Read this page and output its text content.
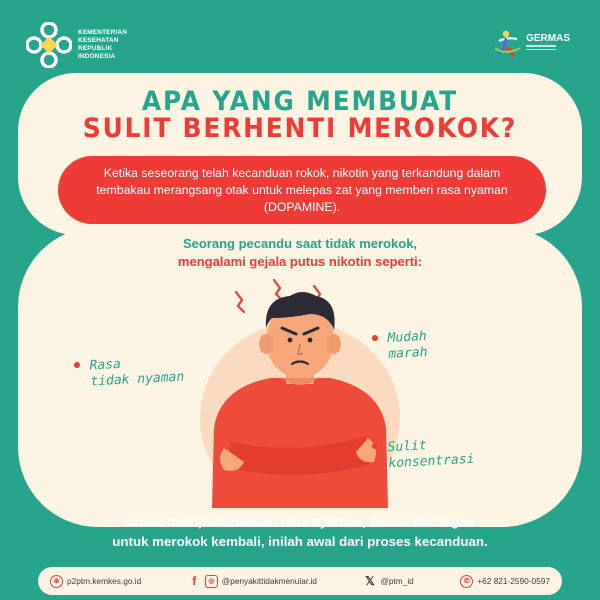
KEMENTERIAN
KESEHATAN
REPUBLIK
INDONESIA
GERMAS
APA YANG MEMBUAT
SULIT BERHENTI MEROKOK?

Ketika seseorang telah kecanduan rokok, nikotin yang terkandung dalam tembakau merangsang otak untuk melepas zat yang memberi rasa nyaman (DOPAMINE).

Seorang pecandu saat tidak merokok,
mengalami gejala putus nikotin seperti:
Rasa
tidak nyaman
Mudah
marah
Sulit
konsentrasi
Untuk mempertahankan rasa nyaman, timbul dorongan
untuk merokok kembali, inilah awal dari proses kecanduan.
⊕ p2ptm.kemkes.go.id	f	◎ @penyakittidakmenular.id	𝕏 @ptm_id	✆ +62 821-2590-0597
